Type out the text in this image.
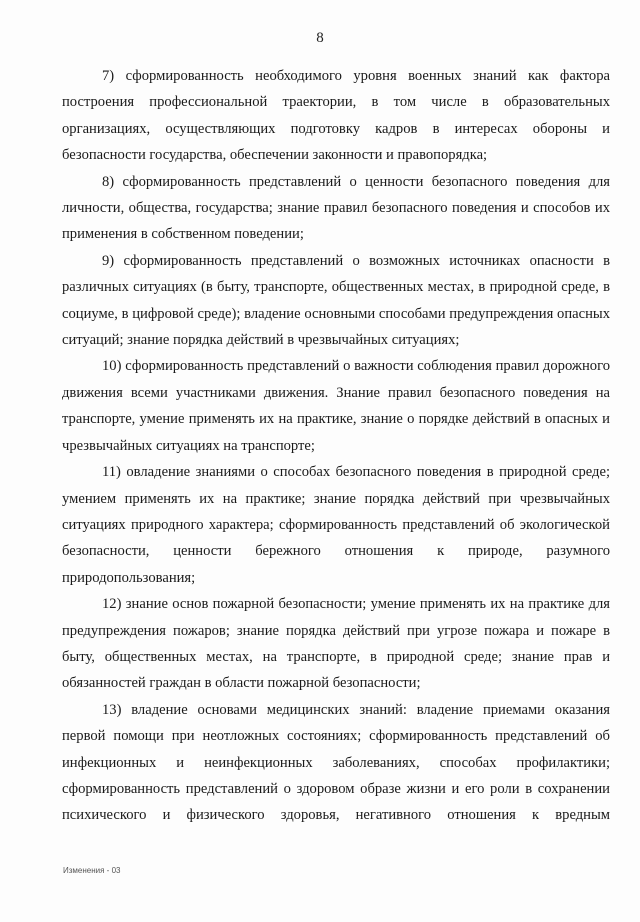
8

7) сформированность необходимого уровня военных знаний как фактора построения профессиональной траектории, в том числе в образовательных организациях, осуществляющих подготовку кадров в интересах обороны и безопасности государства, обеспечении законности и правопорядка;

8) сформированность представлений о ценности безопасного поведения для личности, общества, государства; знание правил безопасного поведения и способов их применения в собственном поведении;

9) сформированность представлений о возможных источниках опасности в различных ситуациях (в быту, транспорте, общественных местах, в природной среде, в социуме, в цифровой среде); владение основными способами предупреждения опасных ситуаций; знание порядка действий в чрезвычайных ситуациях;

10) сформированность представлений о важности соблюдения правил дорожного движения всеми участниками движения. Знание правил безопасного поведения на транспорте, умение применять их на практике, знание о порядке действий в опасных и чрезвычайных ситуациях на транспорте;

11) овладение знаниями о способах безопасного поведения в природной среде; умением применять их на практике; знание порядка действий при чрезвычайных ситуациях природного характера; сформированность представлений об экологической безопасности, ценности бережного отношения к природе, разумного природопользования;

12) знание основ пожарной безопасности; умение применять их на практике для предупреждения пожаров; знание порядка действий при угрозе пожара и пожаре в быту, общественных местах, на транспорте, в природной среде; знание прав и обязанностей граждан в области пожарной безопасности;

13) владение основами медицинских знаний: владение приемами оказания первой помощи при неотложных состояниях; сформированность представлений об инфекционных и неинфекционных заболеваниях, способах профилактики; сформированность представлений о здоровом образе жизни и его роли в сохранении психического и физического здоровья, негативного отношения к вредным

Изменения - 03
